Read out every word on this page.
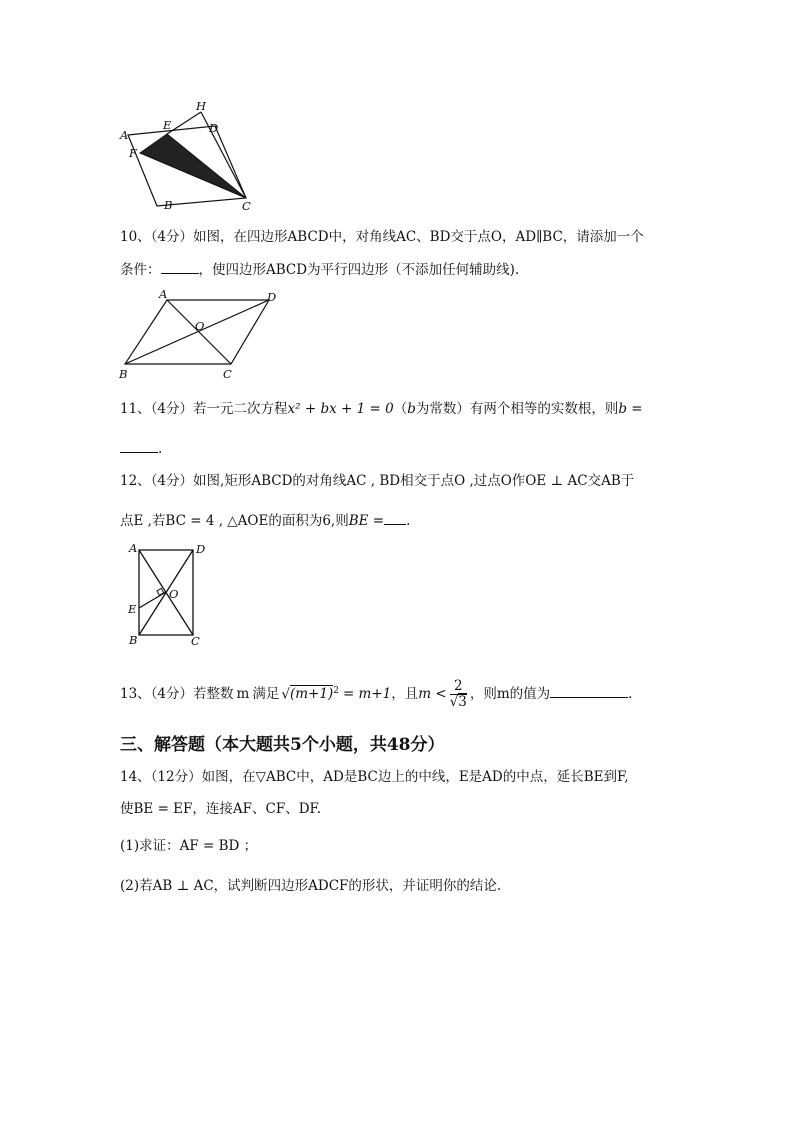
H
A
E	D
F
C
B
10、（4分）如图，在四边形ABCD中，对角线AC、BD交于点O，AD∥BC，请添加一个
条件：	，使四边形ABCD为平行四边形（不添加任何辅助线).
A	D
O
B	C
11、（4分）若一元二次方程x² + bx + 1 = 0（b为常数）有两个相等的实数根，则b =
.
12、（4分）如图,矩形ABCD的对角线AC , BD相交于点O ,过点O作OE ⊥ AC交AB于
点E ,若BC = 4 , △AOE的面积为6,则BE = .
A	D
O
E
B	C
13、（4分）若整数 m 满足 $√(m+1)^2 = m+1$，且$m < \frac{2}{√3}$ ，则m的值为	.
三、解答题（本大题共5个小题，共48分）
14、（12分）如图，在▽ABC中，AD是BC边上的中线，E是AD的中点，延长BE到F,
使BE = EF，连接AF、CF、DF.
(1)求证：AF = BD ；
(2)若AB ⊥ AC，试判断四边形ADCF的形状，并证明你的结论.
